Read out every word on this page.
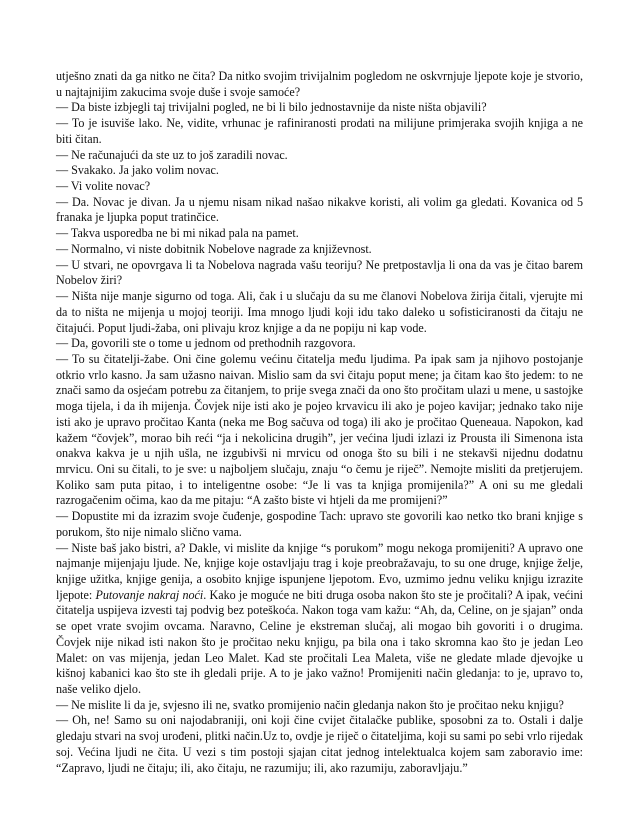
utješno znati da ga nitko ne čita? Da nitko svojim trivijalnim pogledom ne oskvrnjuje ljepote koje je stvorio, u najtajnijim zakucima svoje duše i svoje samoće?

— Da biste izbjegli taj trivijalni pogled, ne bi li bilo jednostavnije da niste ništa objavili?

— To je isuviše lako. Ne, vidite, vrhunac je rafiniranosti prodati na milijune primjeraka svojih knjiga a ne biti čitan.

— Ne računajući da ste uz to još zaradili novac.

— Svakako. Ja jako volim novac.

— Vi volite novac?

— Da. Novac je divan. Ja u njemu nisam nikad našao nikakve koristi, ali volim ga gledati. Kovanica od 5 franaka je ljupka poput tratinčice.

— Takva usporedba ne bi mi nikad pala na pamet.

— Normalno, vi niste dobitnik Nobelove nagrade za književnost.

— U stvari, ne opovrgava li ta Nobelova nagrada vašu teoriju? Ne pretpostavlja li ona da vas je čitao barem Nobelov žiri?

— Ništa nije manje sigurno od toga. Ali, čak i u slučaju da su me članovi Nobelova žirija čitali, vjerujte mi da to ništa ne mijenja u mojoj teoriji. Ima mnogo ljudi koji idu tako daleko u sofisticiranosti da čitaju ne čitajući. Poput ljudi-žaba, oni plivaju kroz knjige a da ne popiju ni kap vode.

— Da, govorili ste o tome u jednom od prethodnih razgovora.

— To su čitatelji-žabe. Oni čine golemu većinu čitatelja među ljudima. Pa ipak sam ja njihovo postojanje otkrio vrlo kasno. Ja sam užasno naivan. Mislio sam da svi čitaju poput mene; ja čitam kao što jedem: to ne znači samo da osjećam potrebu za čitanjem, to prije svega znači da ono što pročitam ulazi u mene, u sastojke moga tijela, i da ih mijenja. Čovjek nije isti ako je pojeo krvavicu ili ako je pojeo kavijar; jednako tako nije isti ako je upravo pročitao Kanta (neka me Bog sačuva od toga) ili ako je pročitao Queneaua. Napokon, kad kažem “čovjek”, morao bih reći “ja i nekolicina drugih”, jer većina ljudi izlazi iz Prousta ili Simenona ista onakva kakva je u njih ušla, ne izgubivši ni mrvicu od onoga što su bili i ne stekavši nijednu dodatnu mrvicu. Oni su čitali, to je sve: u najboljem slučaju, znaju “o čemu je riječ”. Nemojte misliti da pretjerujem. Koliko sam puta pitao, i to inteligentne osobe: “Je li vas ta knjiga promijenila?” A oni su me gledali razrogačenim očima, kao da me pitaju: “A zašto biste vi htjeli da me promijeni?”

— Dopustite mi da izrazim svoje čuđenje, gospodine Tach: upravo ste govorili kao netko tko brani knjige s porukom, što nije nimalo slično vama.

— Niste baš jako bistri, a? Dakle, vi mislite da knjige “s porukom” mogu nekoga promijeniti? A upravo one najmanje mijenjaju ljude. Ne, knjige koje ostavljaju trag i koje preobražavaju, to su one druge, knjige želje, knjige užitka, knjige genija, a osobito knjige ispunjene ljepotom. Evo, uzmimo jednu veliku knjigu izrazite ljepote: Putovanje nakraj noći. Kako je moguće ne biti druga osoba nakon što ste je pročitali? A ipak, većini čitatelja uspijeva izvesti taj podvig bez poteškoća. Nakon toga vam kažu: “Ah, da, Celine, on je sjajan” onda se opet vrate svojim ovcama. Naravno, Celine je ekstreman slučaj, ali mogao bih govoriti i o drugima. Čovjek nije nikad isti nakon što je pročitao neku knjigu, pa bila ona i tako skromna kao što je jedan Leo Malet: on vas mijenja, jedan Leo Malet. Kad ste pročitali Lea Maleta, više ne gledate mlade djevojke u kišnoj kabanici kao što ste ih gledali prije. A to je jako važno! Promijeniti način gledanja: to je, upravo to, naše veliko djelo.

— Ne mislite li da je, svjesno ili ne, svatko promijenio način gledanja nakon što je pročitao neku knjigu?

— Oh, ne! Samo su oni najodabraniji, oni koji čine cvijet čitalačke publike, sposobni za to. Ostali i dalje gledaju stvari na svoj urođeni, plitki način.Uz to, ovdje je riječ o čitateljima, koji su sami po sebi vrlo rijedak soj. Većina ljudi ne čita. U vezi s tim postoji sjajan citat jednog intelektualca kojem sam zaboravio ime: “Zapravo, ljudi ne čitaju; ili, ako čitaju, ne razumiju; ili, ako razumiju, zaboravljaju.”
